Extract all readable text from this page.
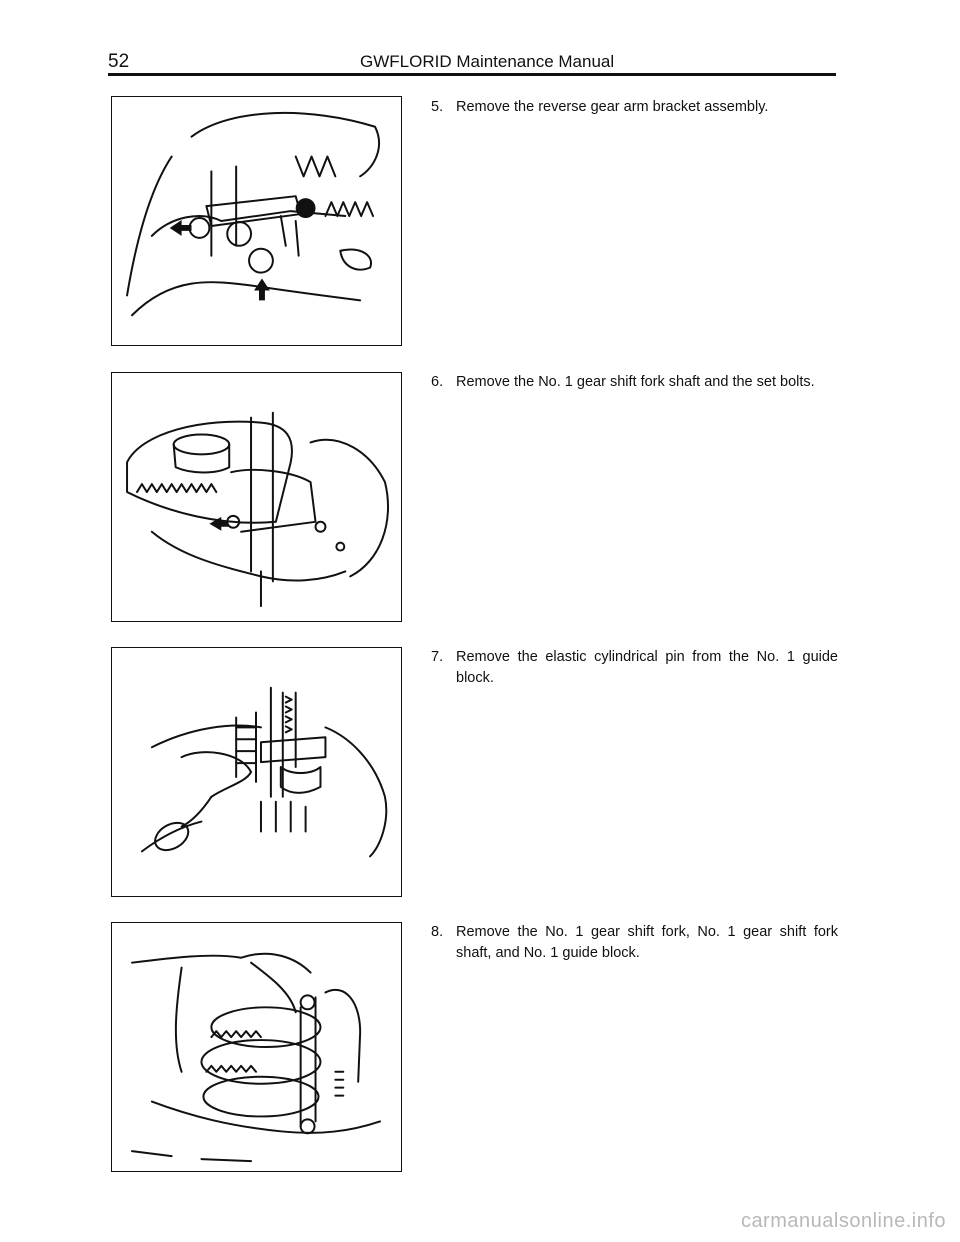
52	GWFLORID Maintenance Manual
5. Remove the reverse gear arm bracket assembly.
6. Remove the No. 1 gear shift fork shaft and the set bolts.
7. Remove the elastic cylindrical pin from the No. 1 guide block.
8. Remove the No. 1 gear shift fork, No. 1 gear shift fork shaft, and No. 1 guide block.
carmanualsonline.info
